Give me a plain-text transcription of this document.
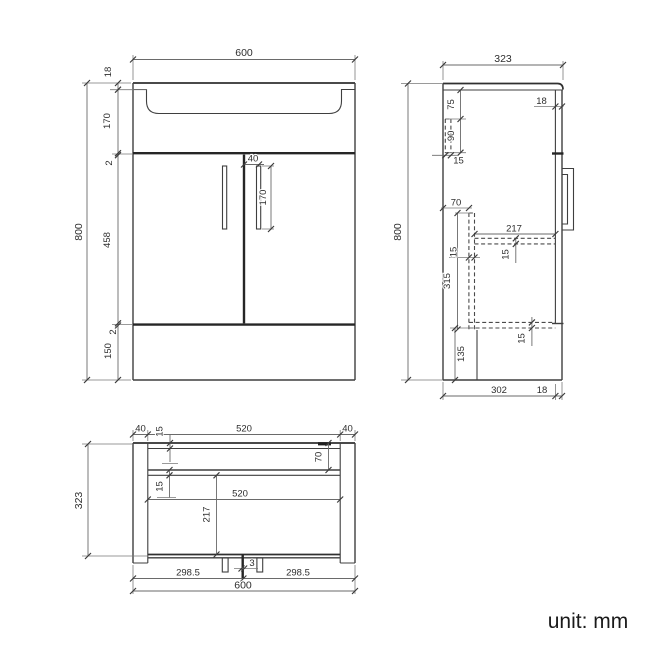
600
800
18
170
2
458
2
150
40
170
323
800
75
90
15
18
70
15
315
217
15
15
135
302	18
40 15	520	40
70
15
520
217
3
298.5	298.5
600
323
unit: mm
